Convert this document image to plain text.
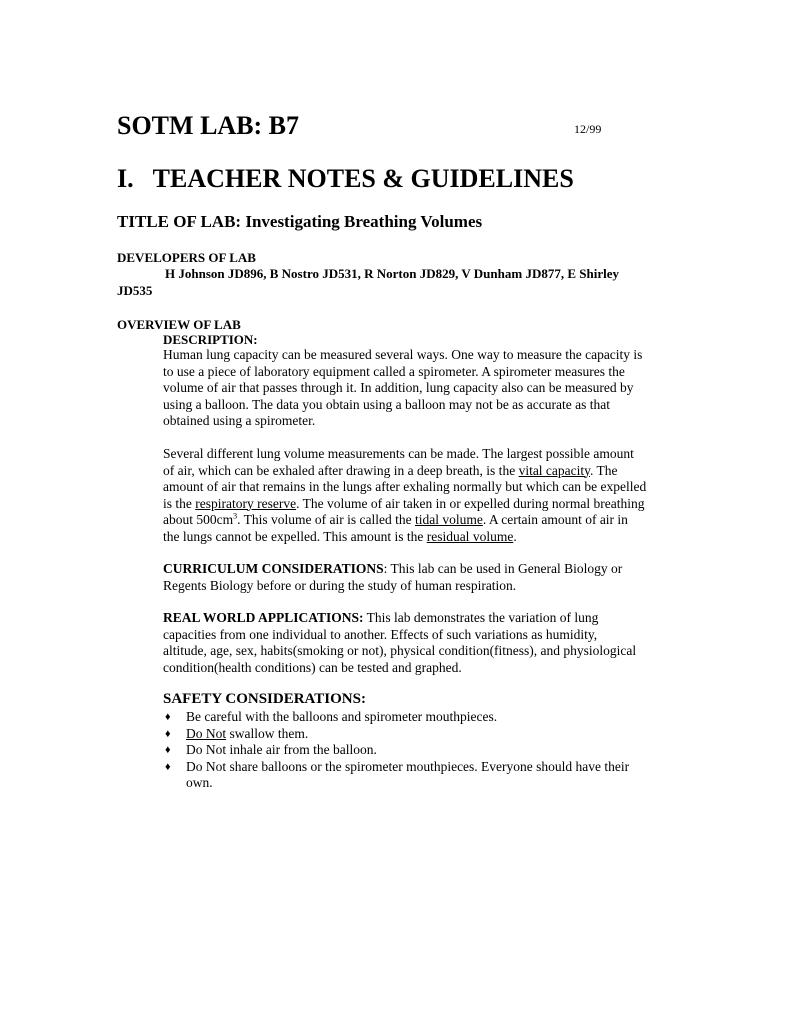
SOTM LAB: B7	12/99
I.   TEACHER NOTES & GUIDELINES
TITLE OF LAB: Investigating Breathing Volumes
DEVELOPERS OF LAB
H Johnson JD896, B Nostro JD531, R Norton JD829, V Dunham JD877, E Shirley
JD535
OVERVIEW OF LAB
DESCRIPTION:
Human lung capacity can be measured several ways. One way to measure the capacity is
to use a piece of laboratory equipment called a spirometer. A spirometer measures the
volume of air that passes through it. In addition, lung capacity also can be measured by
using a balloon. The data you obtain using a balloon may not be as accurate as that
obtained using a spirometer.
Several different lung volume measurements can be made. The largest possible amount
of air, which can be exhaled after drawing in a deep breath, is the vital capacity. The
amount of air that remains in the lungs after exhaling normally but which can be expelled
is the respiratory reserve. The volume of air taken in or expelled during normal breathing
about $500cm^3$. This volume of air is called the tidal volume. A certain amount of air in
the lungs cannot be expelled. This amount is the residual volume.
CURRICULUM CONSIDERATIONS: This lab can be used in General Biology or
Regents Biology before or during the study of human respiration.
REAL WORLD APPLICATIONS: This lab demonstrates the variation of lung
capacities from one individual to another. Effects of such variations as humidity,
altitude, age, sex, habits(smoking or not), physical condition(fitness), and physiological
condition(health conditions) can be tested and graphed.
SAFETY CONSIDERATIONS:
♦ Be careful with the balloons and spirometer mouthpieces.
♦ Do Not swallow them.
♦ Do Not inhale air from the balloon.
♦ Do Not share balloons or the spirometer mouthpieces. Everyone should have their
own.
